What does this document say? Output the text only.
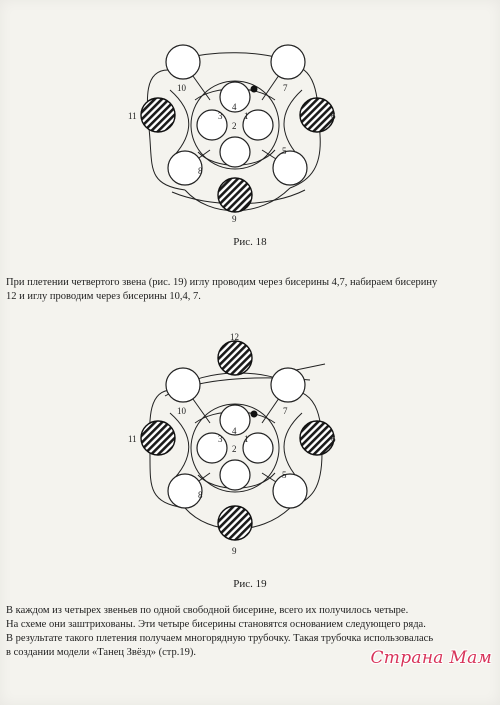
10	7
4
3 1
2
8
5
11	6
9
Рис. 18

При плетении четвертого звена (рис. 19) иглу проводим через бисерины 4,7, набираем бисерину

12 и иглу проводим через бисерины 10,4, 7.

12
10	7
4
3 1
2
8
5
11	6
9
Рис. 19

В каждом из четырех звеньев по одной свободной бисерине, всего их получилось четыре.

На схеме они заштрихованы. Эти четыре бисерины становятся основанием следующего ряда.

В результате такого плетения получаем многорядную трубочку. Такая трубочка использовалась

в создании модели «Танец Звёзд» (стр.19).	Страна Мам
